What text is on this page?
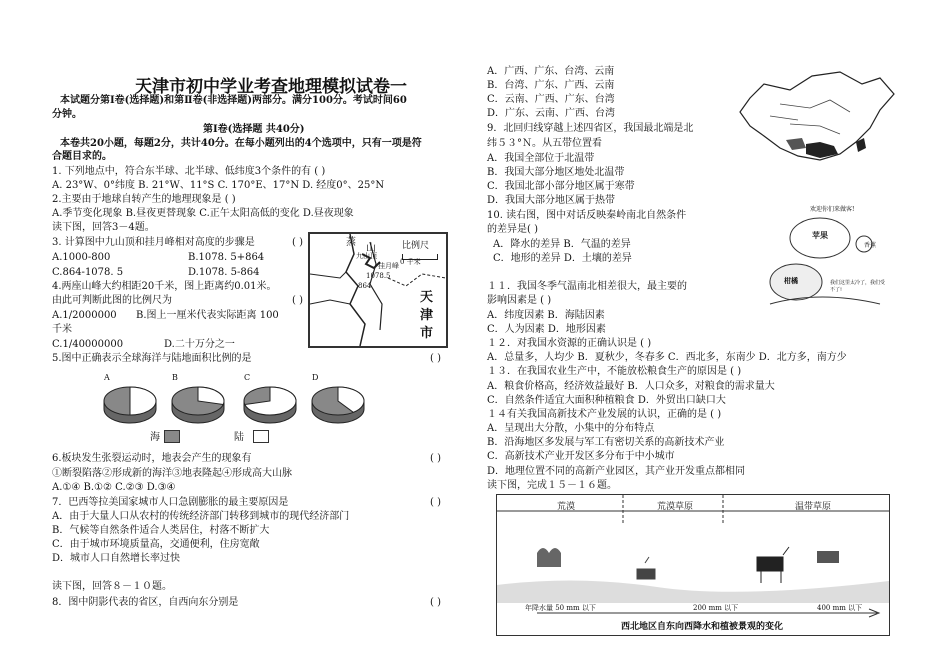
天津市初中学业考查地理模拟试卷一
本试题分第Ⅰ卷(选择题)和第Ⅱ卷(非选择题)两部分。满分100分。考试时间60
分钟。
第Ⅰ卷(选择题 共40分)
本卷共20小题，每题2分，共计40分。在每小题列出的4个选项中，只有一项是符
合题目求的。
1. 下列地点中，符合东半球、北半球、低纬度3个条件的有 ( )
A. 23°W、0°纬度 B. 21°W、11°S C. 170°E、17°N D. 经度0°、25°N
2.主要由于地球自转产生的地理现象是 ( )
A.季节变化现象 B.昼夜更替现象 C.正午太阳高低的变化 D.昼夜现象
读下图，回答3－4题。
3. 计算图中九山顶和挂月峰相对高度的步骤是	( )
A.1000-800	B.1078. 5+864
C.864-1078. 5	D.1078. 5-864
4.两座山峰大约相距20千米，图上距离约0.01米。
由此可判断此图的比例尺为	( )
A.1/2000000 B.图上一厘米代表实际距离 100
千米
C.1/40000000	D.二十万分之一
5.图中正确表示全球海洋与陆地面积比例的是	( )
蒸
山	比例尺
0 千米
九山顶
挂月峰
1078.5
864
天
津
市
A	B	C	D
海	陆
6.板块发生张裂运动时，地表会产生的现象有	( )
①断裂陷落②形成新的海洋③地表隆起④形成高大山脉
A.①④ B.①② C.②③ D.③④
7．巴西等拉美国家城市人口急剧膨胀的最主要原因是	( )
A．由于大量人口从农村的传统经济部门转移到城市的现代经济部门
B．气候等自然条件适合人类居住，村落不断扩大
C．由于城市环境质量高，交通便利，住房宽敞
D．城市人口自然增长率过快
读下图，回答８－１０题。
8．图中阴影代表的省区，自西向东分别是	( )
A．广西、广东、台湾、云南
B．台湾、广东、广西、云南
C．云南、广西、广东、台湾
D．广东、云南、广西、台湾
9．北回归线穿越上述四省区，我国最北端是北
纬５３°Ｎ。从五带位置看
A．我国全部位于北温带
B．我国大部分地区地处北温带
C．我国北部小部分地区属于寒带
D．我国大部分地区属于热带
10. 读右图，图中对话反映秦岭南北自然条件
的差异是( )
A．降水的差异 B．气温的差异
C．地形的差异 D．土壤的差异
１１．我国冬季气温南北相差很大，最主要的
影响因素是 ( )
A．纬度因素 B．海陆因素
C．人为因素 D．地形因素
１２．对我国水资源的正确认识是 ( )
A．总量多，人均少 B．夏秋少，冬春多 C．西北多，东南少 D．北方多，南方少
１３．在我国农业生产中，不能放松粮食生产的原因是 ( )
A．粮食价格高，经济效益最好 B．人口众多，对粮食的需求量大
C．自然条件适宜大面积种植粮食 D．外贸出口缺口大
１４有关我国高新技术产业发展的认识，正确的是 ( )
A．呈现出大分散，小集中的分布特点
B．沿海地区多发展与军工有密切关系的高新技术产业
C．高新技术产业开发区多分布于中小城市
D．地理位置不同的高新产业园区，其产业开发重点都相同
读下图，完成１５－１６题。
欢迎你们来做客!
苹果
香蕉
柑橘	我们这里太冷了，我们受不了!
荒漠	荒漠草原	温带草原
年降水量 50 mm 以下	200 mm 以下	400 mm 以下
西北地区自东向西降水和植被景观的变化
